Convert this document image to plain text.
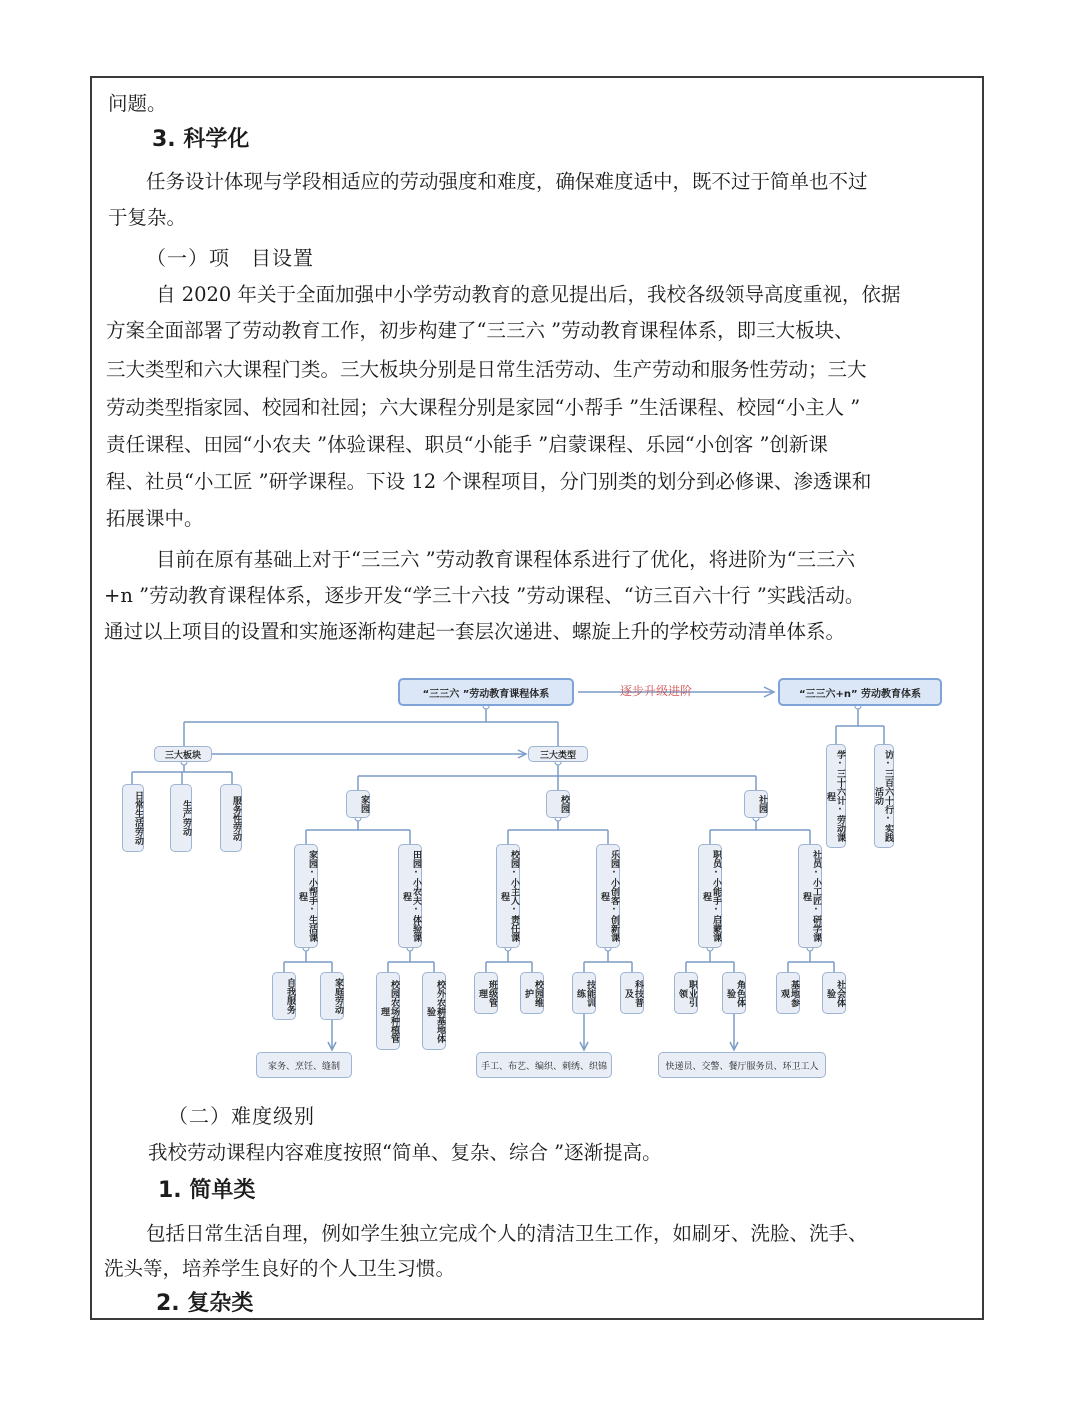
问题。
3. 科学化
任务设计体现与学段相适应的劳动强度和难度，确保难度适中，既不过于简单也不过
于复杂。
（一）项　目设置
自 2020 年关于全面加强中小学劳动教育的意见提出后，我校各级领导高度重视，依据
方案全面部署了劳动教育工作，初步构建了“三三六 ”劳动教育课程体系，即三大板块、
三大类型和六大课程门类。三大板块分别是日常生活劳动、生产劳动和服务性劳动；三大
劳动类型指家园、校园和社园；六大课程分别是家园“小帮手 ”生活课程、校园“小主人 ”
责任课程、田园“小农夫 ”体验课程、职员“小能手 ”启蒙课程、乐园“小创客 ”创新课
程、社员“小工匠 ”研学课程。下设 12 个课程项目，分门别类的划分到必修课、渗透课和
拓展课中。
目前在原有基础上对于“三三六 ”劳动教育课程体系进行了优化，将进阶为“三三六
+n ”劳动教育课程体系，逐步开发“学三十六技 ”劳动课程、“访三百六十行 ”实践活动。
通过以上项目的设置和实施逐渐构建起一套层次递进、螺旋上升的学校劳动清单体系。
“三三六 ”劳动教育课程体系	逐步升级进阶	“三三六+n” 劳动教育体系
三大板块	三大类型
日常生活劳动	生产劳动	服务性劳动	学·三十六计·劳动课程	访·三百六十行·实践活动
家园	校园	社园
家园·小帮手·生活课程	田园·小农夫·体验课程	校园·小主人·责任课程	乐园·小创客·创新课程	职员·小能手·启蒙课程	社员·小工匠·研学课程
自我服务	家庭劳动	校园农场种植管理	校外农耕基地体验
班级管理	校园维护	技能训练	科技普及	职业引领	角色体验	基地参观	社会体验
家务、烹饪、缝制	手工、布艺、编织、刺绣、织锦	快递员、交警、餐厅服务员、环卫工人
（二）难度级别
我校劳动课程内容难度按照“简单、复杂、综合 ”逐渐提高。
1. 简单类
包括日常生活自理，例如学生独立完成个人的清洁卫生工作，如刷牙、洗脸、洗手、
洗头等，培养学生良好的个人卫生习惯。
2. 复杂类
